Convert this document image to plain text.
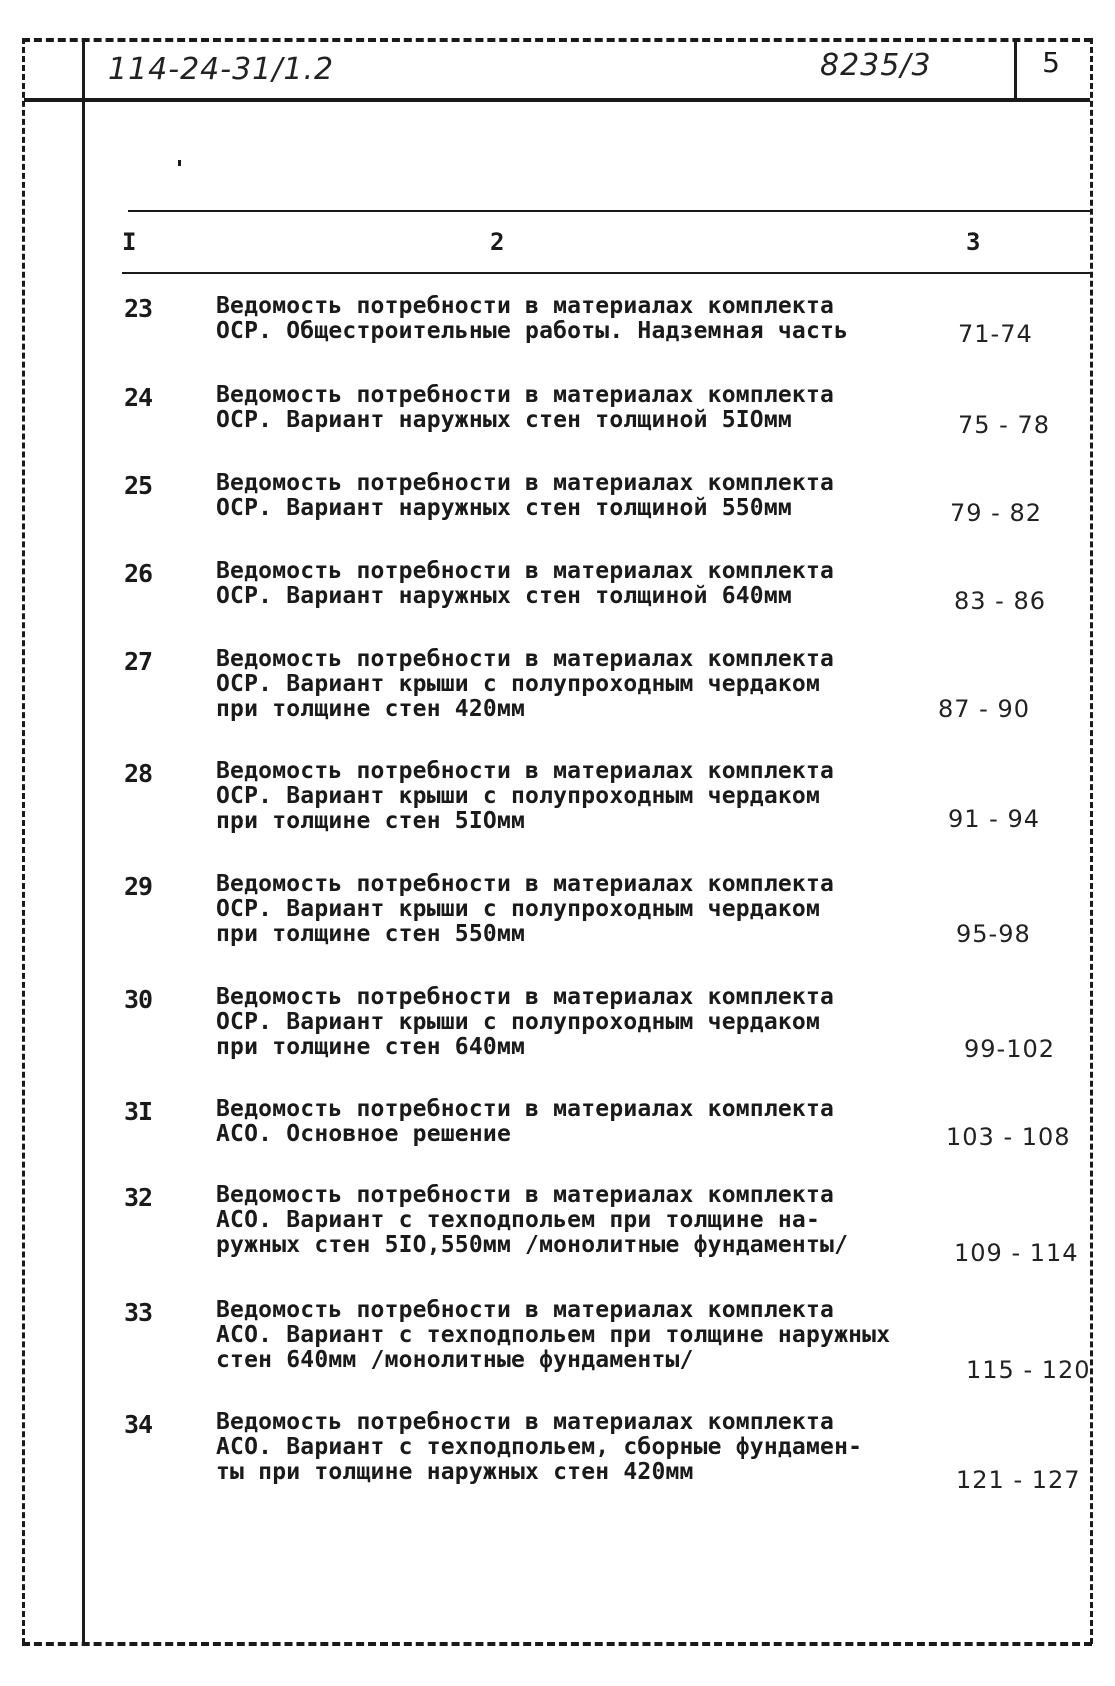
114-24-31/1.2	8235/3	5
I	2	3
23	Ведомость потребности в материалах комплекта
ОСР. Общестроительные работы. Надземная часть	71-74
24	Ведомость потребности в материалах комплекта
ОСР. Вариант наружных стен толщиной 5IОмм	75 - 78
25	Ведомость потребности в материалах комплекта
ОСР. Вариант наружных стен толщиной 550мм	79 - 82
26	Ведомость потребности в материалах комплекта
ОСР. Вариант наружных стен толщиной 640мм	83 - 86
27	Ведомость потребности в материалах комплекта
ОСР. Вариант крыши с полупроходным чердаком
при толщине стен 420мм	87 - 90
28	Ведомость потребности в материалах комплекта
ОСР. Вариант крыши с полупроходным чердаком
при толщине стен 5IОмм	91 - 94
29	Ведомость потребности в материалах комплекта
ОСР. Вариант крыши с полупроходным чердаком
при толщине стен 550мм	95-98
30	Ведомость потребности в материалах комплекта
ОСР. Вариант крыши с полупроходным чердаком
при толщине стен 640мм	99-102
3I	Ведомость потребности в материалах комплекта
АСО. Основное решение	103 - 108
32	Ведомость потребности в материалах комплекта
АСО. Вариант с техподпольем при толщине на-
ружных стен 5IО,550мм /монолитные фундаменты/	109 - 114
33	Ведомость потребности в материалах комплекта
АСО. Вариант с техподпольем при толщине наружных
стен 640мм /монолитные фундаменты/	115 - 120
34	Ведомость потребности в материалах комплекта
АСО. Вариант с техподпольем, сборные фундамен-
ты при толщине наружных стен 420мм	121 - 127
